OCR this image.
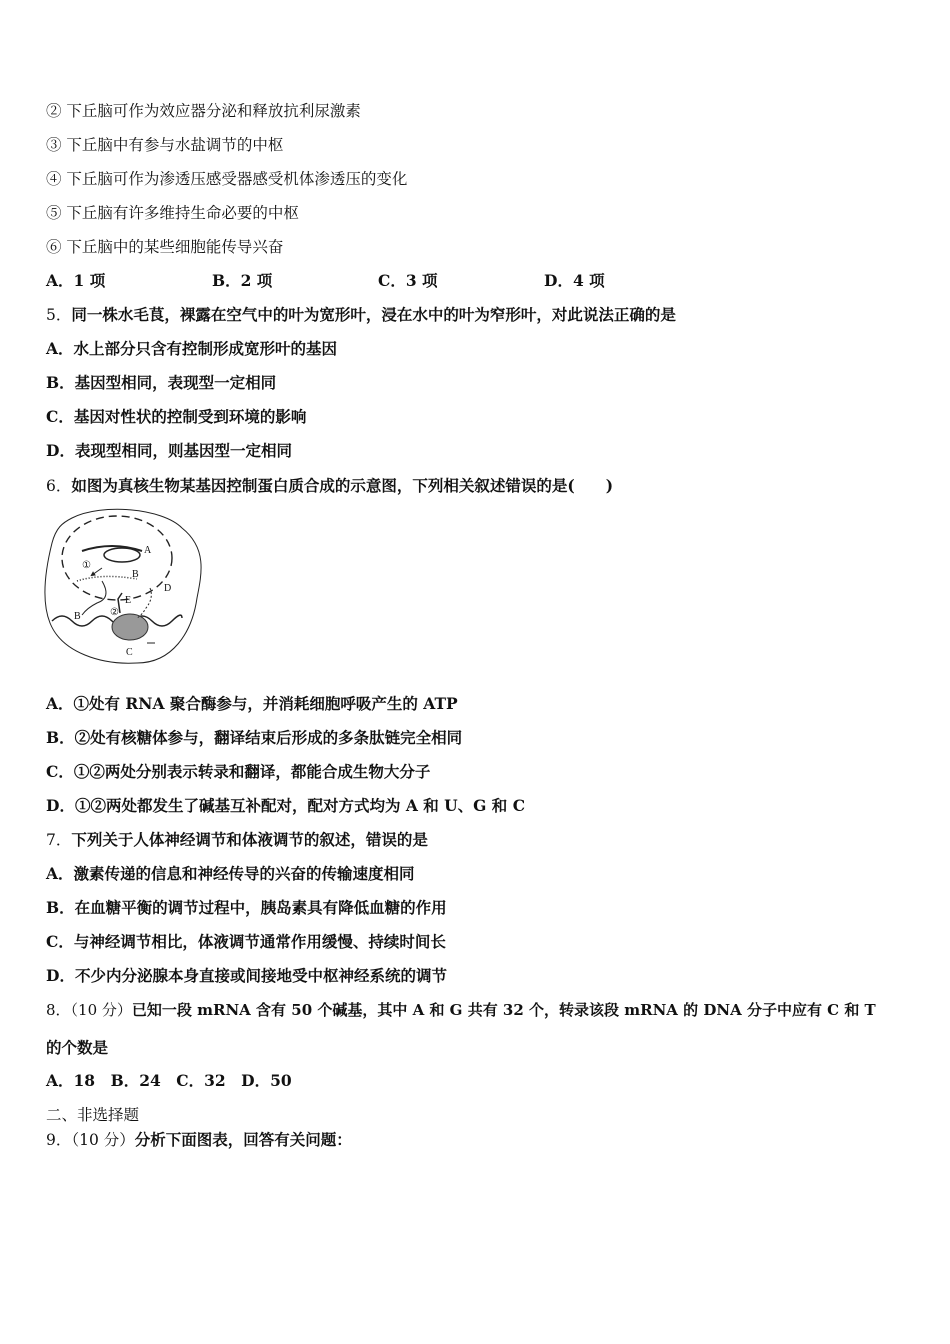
② 下丘脑可作为效应器分泌和释放抗利尿激素
③ 下丘脑中有参与水盐调节的中枢
④ 下丘脑可作为渗透压感受器感受机体渗透压的变化
⑤ 下丘脑有许多维持生命必要的中枢
⑥ 下丘脑中的某些细胞能传导兴奋
A．1 项	B．2 项	C．3 项	D．4 项
5．同一株水毛茛，裸露在空气中的叶为宽形叶，浸在水中的叶为窄形叶，对此说法正确的是
A．水上部分只含有控制形成宽形叶的基因
B．基因型相同，表现型一定相同
C．基因对性状的控制受到环境的影响
D．表现型相同，则基因型一定相同
6．如图为真核生物某基因控制蛋白质合成的示意图，下列相关叙述错误的是(　　)
A
B
①
②
E
D
B
C
A．①处有 RNA 聚合酶参与，并消耗细胞呼吸产生的 ATP
B．②处有核糖体参与，翻译结束后形成的多条肽链完全相同
C．①②两处分别表示转录和翻译，都能合成生物大分子
D．①②两处都发生了碱基互补配对，配对方式均为 A 和 U、G 和 C
7．下列关于人体神经调节和体液调节的叙述，错误的是
A．激素传递的信息和神经传导的兴奋的传输速度相同
B．在血糖平衡的调节过程中，胰岛素具有降低血糖的作用
C．与神经调节相比，体液调节通常作用缓慢、持续时间长
D．不少内分泌腺本身直接或间接地受中枢神经系统的调节
8．（10 分）已知一段 mRNA 含有 50 个碱基，其中 A 和 G 共有 32 个，转录该段 mRNA 的 DNA 分子中应有 C 和 T
的个数是
A．18　B．24　C．32　D．50
二、非选择题
9．（10 分）分析下面图表，回答有关问题：
